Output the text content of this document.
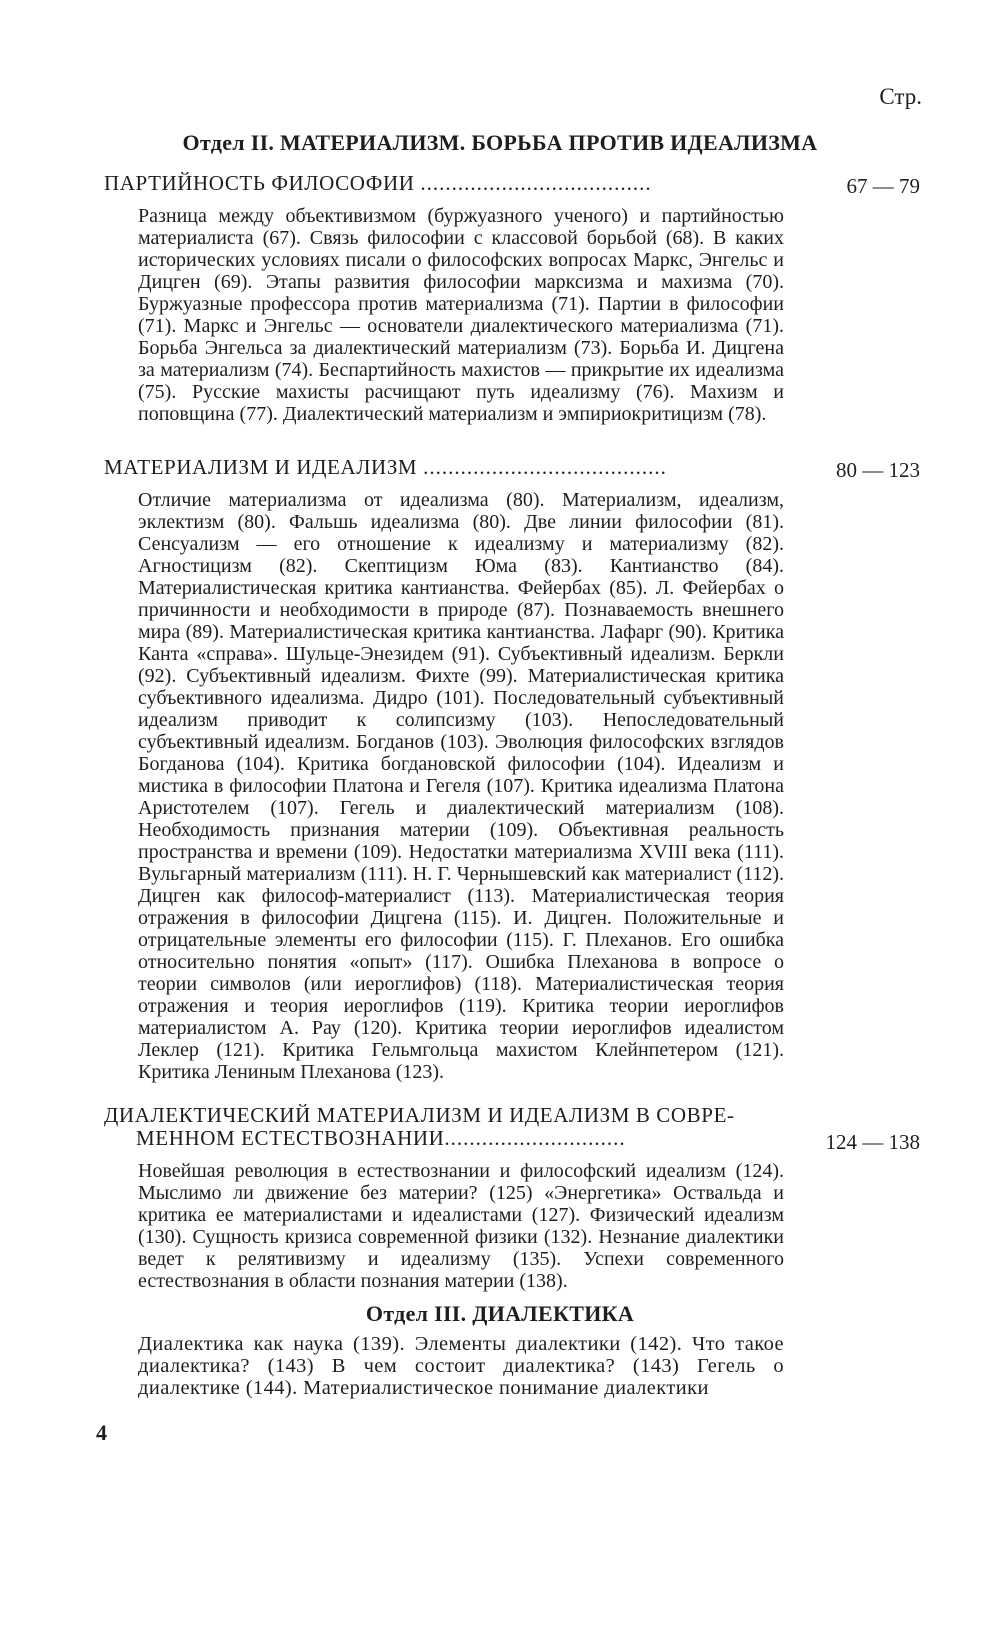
Стр.
Отдел II. МАТЕРИАЛИЗМ. БОРЬБА ПРОТИВ ИДЕАЛИЗМА
ПАРТИЙНОСТЬ ФИЛОСОФИИ .....................................	67 — 79
Разница между объективизмом (буржуазного ученого) и партийностью материалиста (67). Связь философии с классовой борьбой (68). В каких исторических условиях писали о философских вопросах Маркс, Энгельс и Дицген (69). Этапы развития философии марксизма и махизма (70). Буржуазные профессора против материализма (71). Партии в философии (71). Маркс и Энгельс — основатели диалектического материализма (71). Борьба Энгельса за диалектический материализм (73). Борьба И. Дицгена за материализм (74). Беспартийность махистов — прикрытие их идеализма (75). Русские махисты расчищают путь идеализму (76). Махизм и поповщина (77). Диалектический материализм и эмпириокритицизм (78).
МАТЕРИАЛИЗМ И ИДЕАЛИЗМ .......................................	80 — 123
Отличие материализма от идеализма (80). Материализм, идеализм, эклектизм (80). Фальшь идеализма (80). Две линии философии (81). Сенсуализм — его отношение к идеализму и материализму (82). Агностицизм (82). Скептицизм Юма (83). Кантианство (84). Материалистическая критика кантианства. Фейербах (85). Л. Фейербах о причинности и необходимости в природе (87). Познаваемость внешнего мира (89). Материалистическая критика кантианства. Лафарг (90). Критика Канта «справа». Шульце-Энезидем (91). Субъективный идеализм. Беркли (92). Субъективный идеализм. Фихте (99). Материалистическая критика субъективного идеализма. Дидро (101). Последовательный субъективный идеализм приводит к солипсизму (103). Непоследовательный субъективный идеализм. Богданов (103). Эволюция философских взглядов Богданова (104). Критика богдановской философии (104). Идеализм и мистика в философии Платона и Гегеля (107). Критика идеализма Платона Аристотелем (107). Гегель и диалектический материализм (108). Необходимость признания материи (109). Объективная реальность пространства и времени (109). Недостатки материализма XVIII века (111). Вульгарный материализм (111). Н. Г. Чернышевский как материалист (112). Дицген как философ-материалист (113). Материалистическая теория отражения в философии Дицгена (115). И. Дицген. Положительные и отрицательные элементы его философии (115). Г. Плеханов. Его ошибка относительно понятия «опыт» (117). Ошибка Плеханова в вопросе о теории символов (или иероглифов) (118). Материалистическая теория отражения и теория иероглифов (119). Критика теории иероглифов материалистом А. Рау (120). Критика теории иероглифов идеалистом Леклер (121). Критика Гельмгольца махистом Клейнпетером (121). Критика Лениным Плеханова (123).
ДИАЛЕКТИЧЕСКИЙ МАТЕРИАЛИЗМ И ИДЕАЛИЗМ В СОВРЕ-
МЕННОМ ЕСТЕСТВОЗНАНИИ.............................	124 — 138
Новейшая революция в естествознании и философский идеализм (124). Мыслимо ли движение без материи? (125) «Энергетика» Оствальда и критика ее материалистами и идеалистами (127). Физический идеализм (130). Сущность кризиса современной физики (132). Незнание диалектики ведет к релятивизму и идеализму (135). Успехи современного естествознания в области познания материи (138).
Отдел III. ДИАЛЕКТИКА
Диалектика как наука (139). Элементы диалектики (142). Что такое диалектика? (143) В чем состоит диалектика? (143) Гегель о диалектике (144). Материалистическое понимание диалектики
4
